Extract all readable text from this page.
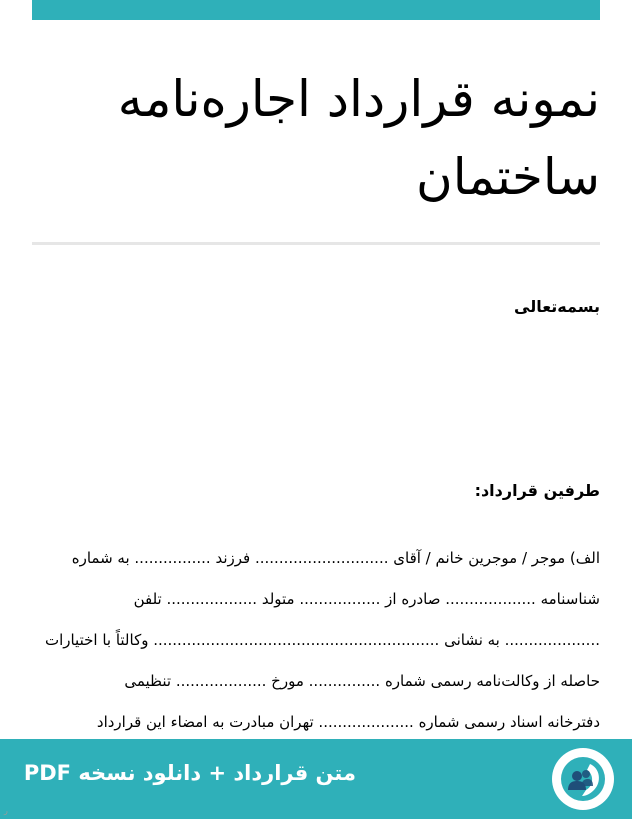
نمونه قرارداد اجاره‌نامه ساختمان
بسمه‌تعالی
طرفین قرارداد:
الف) موجر / موجرین خانم / آقای ............................ فرزند ................ به شماره
شناسنامه ................... صادره از ................. متولد ................... تلفن
.................... به نشانی ............................................................ وکالتاً با اختیارات
حاصله از وکالت‌نامه رسمی شماره ............... مورخ ................... تنظیمی
دفترخانه اسناد رسمی شماره .................... تهران مبادرت به امضاء این قرارداد
متن قرارداد + دانلود نسخه PDF
ر
